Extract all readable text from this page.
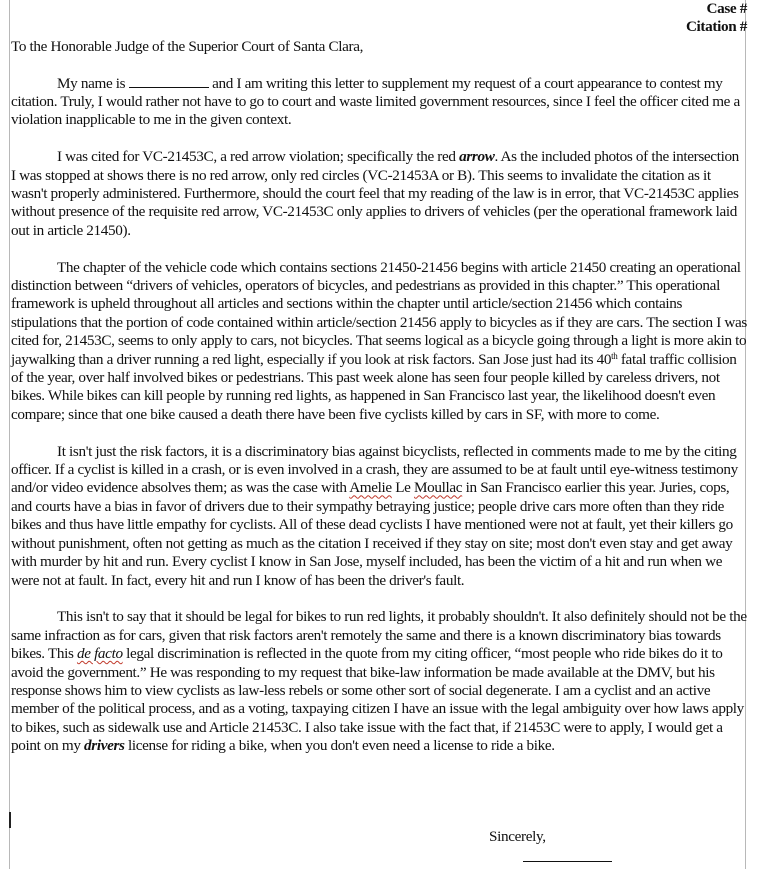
Case #
Citation #

To the Honorable Judge of the Superior Court of Santa Clara,

My name is	and I am writing this letter to supplement my request of a court appearance to contest my citation. Truly, I would rather not have to go to court and waste limited government resources, since I feel the officer cited me a violation inapplicable to me in the given context.

I was cited for VC-21453C, a red arrow violation; specifically the red arrow. As the included photos of the intersection I was stopped at shows there is no red arrow, only red circles (VC-21453A or B). This seems to invalidate the citation as it wasn't properly administered. Furthermore, should the court feel that my reading of the law is in error, that VC-21453C applies without presence of the requisite red arrow, VC-21453C only applies to drivers of vehicles (per the operational framework laid out in article 21450).

The chapter of the vehicle code which contains sections 21450-21456 begins with article 21450 creating an operational distinction between “drivers of vehicles, operators of bicycles, and pedestrians as provided in this chapter.” This operational framework is upheld throughout all articles and sections within the chapter until article/section 21456 which contains stipulations that the portion of code contained within article/section 21456 apply to bicycles as if they are cars. The section I was cited for, 21453C, seems to only apply to cars, not bicycles. That seems logical as a bicycle going through a light is more akin to jaywalking than a driver running a red light, especially if you look at risk factors. San Jose just had its 40th fatal traffic collision of the year, over half involved bikes or pedestrians. This past week alone has seen four people killed by careless drivers, not bikes. While bikes can kill people by running red lights, as happened in San Francisco last year, the likelihood doesn't even compare; since that one bike caused a death there have been five cyclists killed by cars in SF, with more to come.

It isn't just the risk factors, it is a discriminatory bias against bicyclists, reflected in comments made to me by the citing officer. If a cyclist is killed in a crash, or is even involved in a crash, they are assumed to be at fault until eye-witness testimony and/or video evidence absolves them; as was the case with Amelie Le Moullac in San Francisco earlier this year. Juries, cops, and courts have a bias in favor of drivers due to their sympathy betraying justice; people drive cars more often than they ride bikes and thus have little empathy for cyclists. All of these dead cyclists I have mentioned were not at fault, yet their killers go without punishment, often not getting as much as the citation I received if they stay on site; most don't even stay and get away with murder by hit and run. Every cyclist I know in San Jose, myself included, has been the victim of a hit and run when we were not at fault. In fact, every hit and run I know of has been the driver's fault.

This isn't to say that it should be legal for bikes to run red lights, it probably shouldn't. It also definitely should not be the same infraction as for cars, given that risk factors aren't remotely the same and there is a known discriminatory bias towards bikes. This de facto legal discrimination is reflected in the quote from my citing officer, “most people who ride bikes do it to avoid the government.” He was responding to my request that bike-law information be made available at the DMV, but his response shows him to view cyclists as law-less rebels or some other sort of social degenerate. I am a cyclist and an active member of the political process, and as a voting, taxpaying citizen I have an issue with the legal ambiguity over how laws apply to bikes, such as sidewalk use and Article 21453C. I also take issue with the fact that, if 21453C were to apply, I would get a point on my drivers license for riding a bike, when you don't even need a license to ride a bike.

Sincerely,
